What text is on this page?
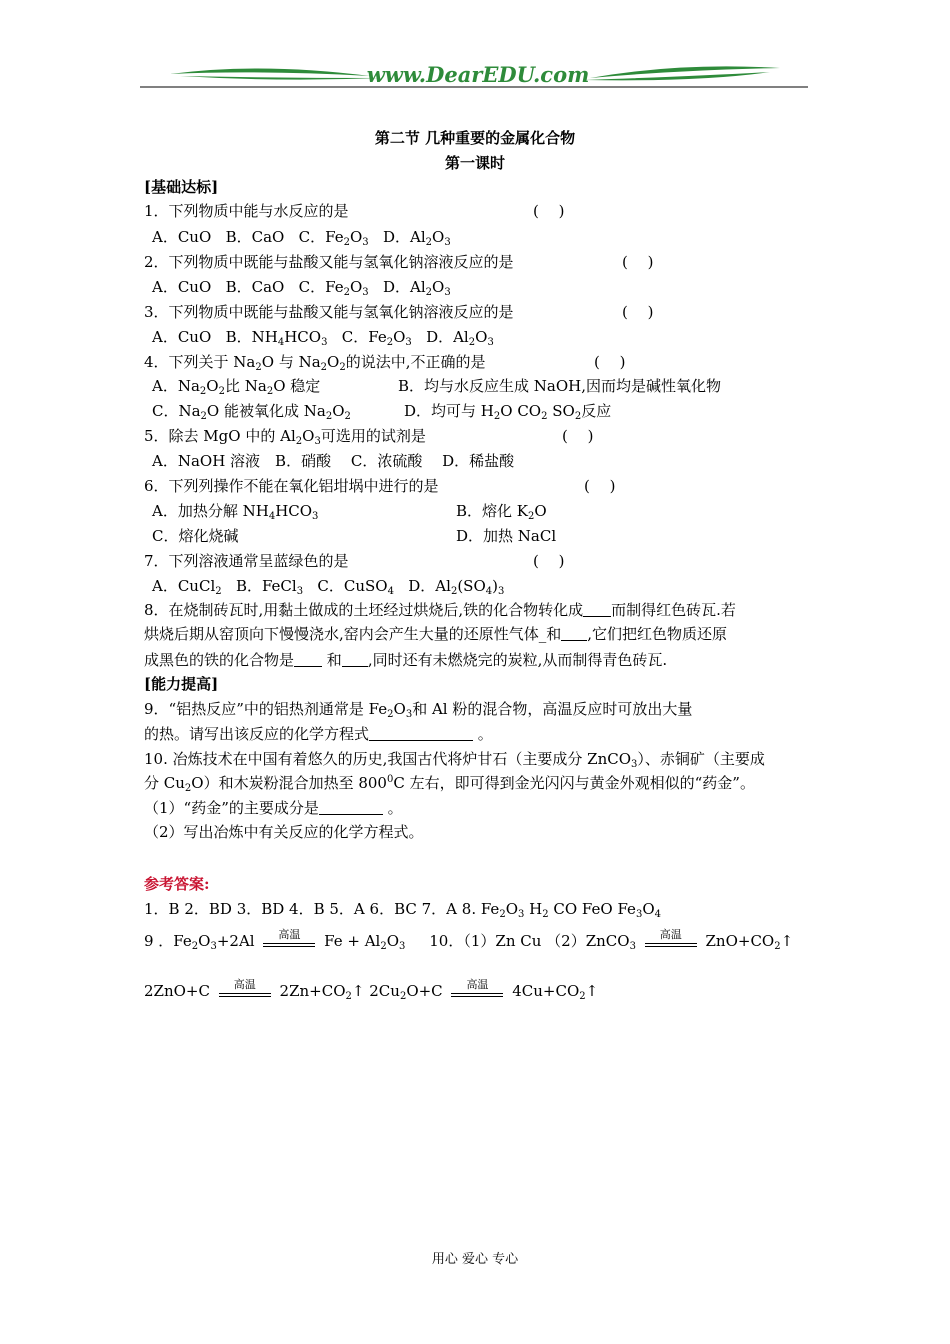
www.DearEDU.com
第二节 几种重要的金属化合物
第一课时
[基础达标]
1．下列物质中能与水反应的是	(　 )
A．CuO B．CaO C．$Fe_2O_3$ D．$Al_2O_3$
2．下列物质中既能与盐酸又能与氢氧化钠溶液反应的是	(　 )
A．CuO B．CaO C．$Fe_2O_3$ D．$Al_2O_3$
3．下列物质中既能与盐酸又能与氢氧化钠溶液反应的是	(　 )
A．CuO B．$NH_4HCO_3$ C．$Fe_2O_3$ D．$Al_2O_3$
4．下列关于 $Na_2O$ 与 $Na_2O_2$的说法中,不正确的是	(　 )
A．$Na_2O_2$比 $Na_2O$ 稳定	B．均与水反应生成 NaOH,因而均是碱性氧化物
C．$Na_2O$ 能被氧化成 $Na_2O_2$	D．均可与 $H_2O$ $CO_2$ $SO_2$反应
5．除去 MgO 中的 $Al_2O_3$可选用的试剂是	(　 )
A．NaOH 溶液　B．硝酸　 C．浓硫酸　 D．稀盐酸
6．下列列操作不能在氧化铝坩埚中进行的是	(　 )
A．加热分解 $NH_4HCO_3$	B．熔化 $K_2O$
C．熔化烧碱	D．加热 NaCl
7．下列溶液通常呈蓝绿色的是	(　 )
A．CuCl$_2$ B．FeCl$_3$ C．CuSO$_4$ D．$Al_2(SO_4)_3$
8．在烧制砖瓦时,用黏土做成的土坯经过烘烧后,铁的化合物转化成 而制得红色砖瓦.若
烘烧后期从窑顶向下慢慢浇水,窑内会产生大量的还原性气体_和 ,它们把红色物质还原
成黑色的铁的化合物是 和 ,同时还有未燃烧完的炭粒,从而制得青色砖瓦.
[能力提高]
9．“铝热反应”中的铝热剂通常是 $Fe_2O_3$和 Al 粉的混合物，高温反应时可放出大量
的热。请写出该反应的化学方程式	。
10. 冶炼技术在中国有着悠久的历史,我国古代将炉甘石（主要成分 ZnCO$_3$）、赤铜矿（主要成
分 $Cu_2O$）和木炭粉混合加热至 $800^0C$ 左右，即可得到金光闪闪与黄金外观相似的“药金”。
（1）“药金”的主要成分是	。
（2）写出冶炼中有关反应的化学方程式。
参考答案:
1．B 2．BD 3．BD 4．B 5．A 6．BC 7．A 8. $Fe_2O_3$ $H_2$ CO FeO $Fe_3O_4$
9 ．$Fe_2O_3+2Al$	高温	$Fe + Al_2O_3$ 10．（1）Zn Cu （2）ZnCO$_3$
高温	$ZnO+CO_2↑$
2ZnO+C	高温	$2Zn+CO_2↑$ $2Cu_2O+C$	高温	$4Cu+CO_2↑$
用心 爱心 专心
